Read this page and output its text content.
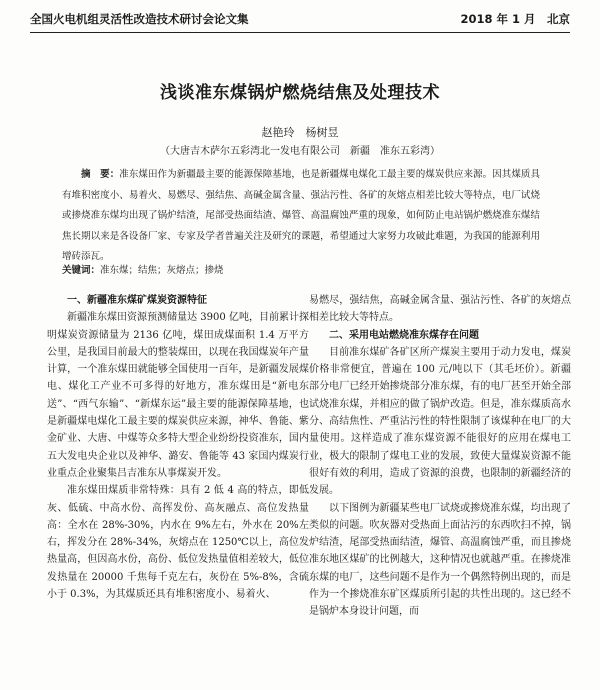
全国火电机组灵活性改造技术研讨会论文集	2018 年 1 月　北京
浅谈准东煤锅炉燃烧结焦及处理技术
赵艳玲　杨树昱
（大唐吉木萨尔五彩湾北一发电有限公司　新疆　准东五彩湾）
摘　要：准东煤田作为新疆最主要的能源保障基地，也是新疆煤电煤化工最主要的煤炭供应来源。因其煤质具有堆积密度小、易着火、易燃尽、强结焦、高碱金属含量、强沾污性、各矿的灰熔点相差比较大等特点，电厂试烧或掺烧准东煤均出现了锅炉结渣，尾部受热面结渣、爆管、高温腐蚀严重的现象，如何防止电站锅炉燃烧准东煤结焦长期以来是各设备厂家、专家及学者普遍关注及研究的课题，希望通过大家努力攻破此难题，为我国的能源利用增砖添瓦。
关键词：准东煤；结焦；灰熔点；掺烧
一、新疆准东煤矿煤炭资源特征

新疆准东煤田资源预测储量达 3900 亿吨，目前累计探明煤炭资源储量为 2136 亿吨，煤田成煤面积 1.4 万平方公里，是我国目前最大的整装煤田，以现在我国煤炭年产量计算，一个准东煤田就能够全国使用一百年，是新疆发展煤电、煤化工产业不可多得的好地方，准东煤田是“新电东送”、“西气东输”、“新煤东运”最主要的能源保障基地，也是新疆煤电煤化工最主要的煤炭供应来源，神华、鲁能、紫金矿业、大唐、中煤等众多特大型企业纷纷投资准东，国内五大发电央企业以及神华、潞安、鲁能等 43 家国内煤炭行业重点企业聚集吕吉准东从事煤炭开发。

准东煤田煤质非常特殊：具有 2 低 4 高的特点，即低灰、低硫、中高水份、高挥发份、高灰融点、高位发热量高：全水在 28%-30%，内水在 9%左右，外水在 20%左右，挥发分在 28%-34%，灰熔点在 1250℃以上，高位发热量高，但因高水份，高份、低位发热量值相差较大，低位发热量在 20000 千焦每千克左右，灰份在 5%-8%，含硫小于 0.3%，为其煤质还具有堆积密度小、易着火、

易燃尽，强结焦，高碱金属含量、强沾污性、各矿的灰熔点相差比较大等特点。

二、采用电站燃烧准东煤存在问题

目前准东煤矿各矿区所产煤炭主要用于动力发电，煤炭价格非常便宜，普遍在 100 元/吨以下（其毛坯价）。新疆部分电厂已经开始掺烧部分准东煤，有的电厂甚至开始全部试烧准东煤，并相应的做了锅炉改造。但是，准东煤质高水分、高结焦性、严重沾污性的特性限制了该煤种在电厂的大量使用。这样造成了准东煤资源不能很好的应用在煤电工业，极大的限制了煤电工业的发展，致使大量煤炭资源不能很好有效的利用，造成了资源的浪费，也限制的新疆经济的发展。

以下图例为新疆某些电厂试烧或掺烧准东煤，均出现了类似的问题。吹灰器对受热面上面沾污的东西吹扫不掉，锅炉结渣，尾部受热面结渣，爆管、高温腐蚀严重，而且掺烧准东地区煤矿的比例越大，这种情况也就越严重。在掺烧准东煤的电厂，这些问题不是作为一个偶然特例出现的，而是作为一个掺烧准东矿区煤质所引起的共性出现的。这已经不是锅炉本身设计问题，而
